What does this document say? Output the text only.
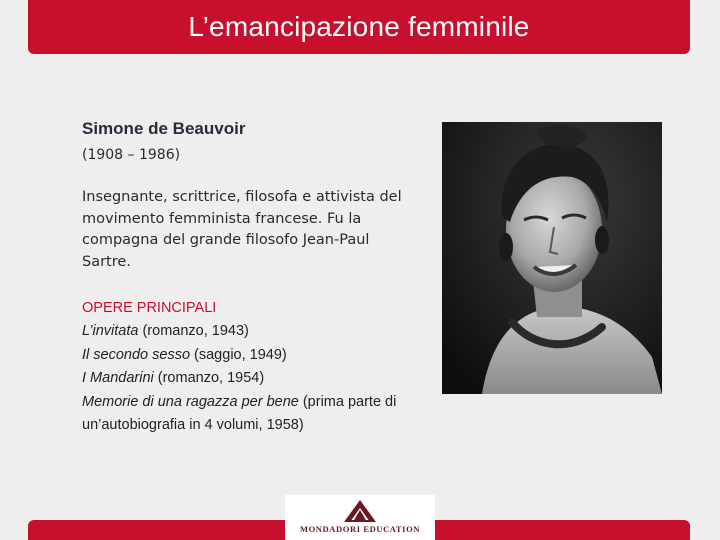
L’emancipazione femminile

Simone de Beauvoir

(1908 – 1986)

Insegnante, scrittrice, filosofa e attivista del movimento femminista francese. Fu la compagna del grande filosofo Jean-Paul Sartre.

OPERE PRINCIPALI

L’invitata (romanzo, 1943)
Il secondo sesso (saggio, 1949)
I Mandarini (romanzo, 1954)
Memorie di una ragazza per bene (prima parte di un’autobiografia in 4 volumi, 1958)
MONDADORI EDUCATION
